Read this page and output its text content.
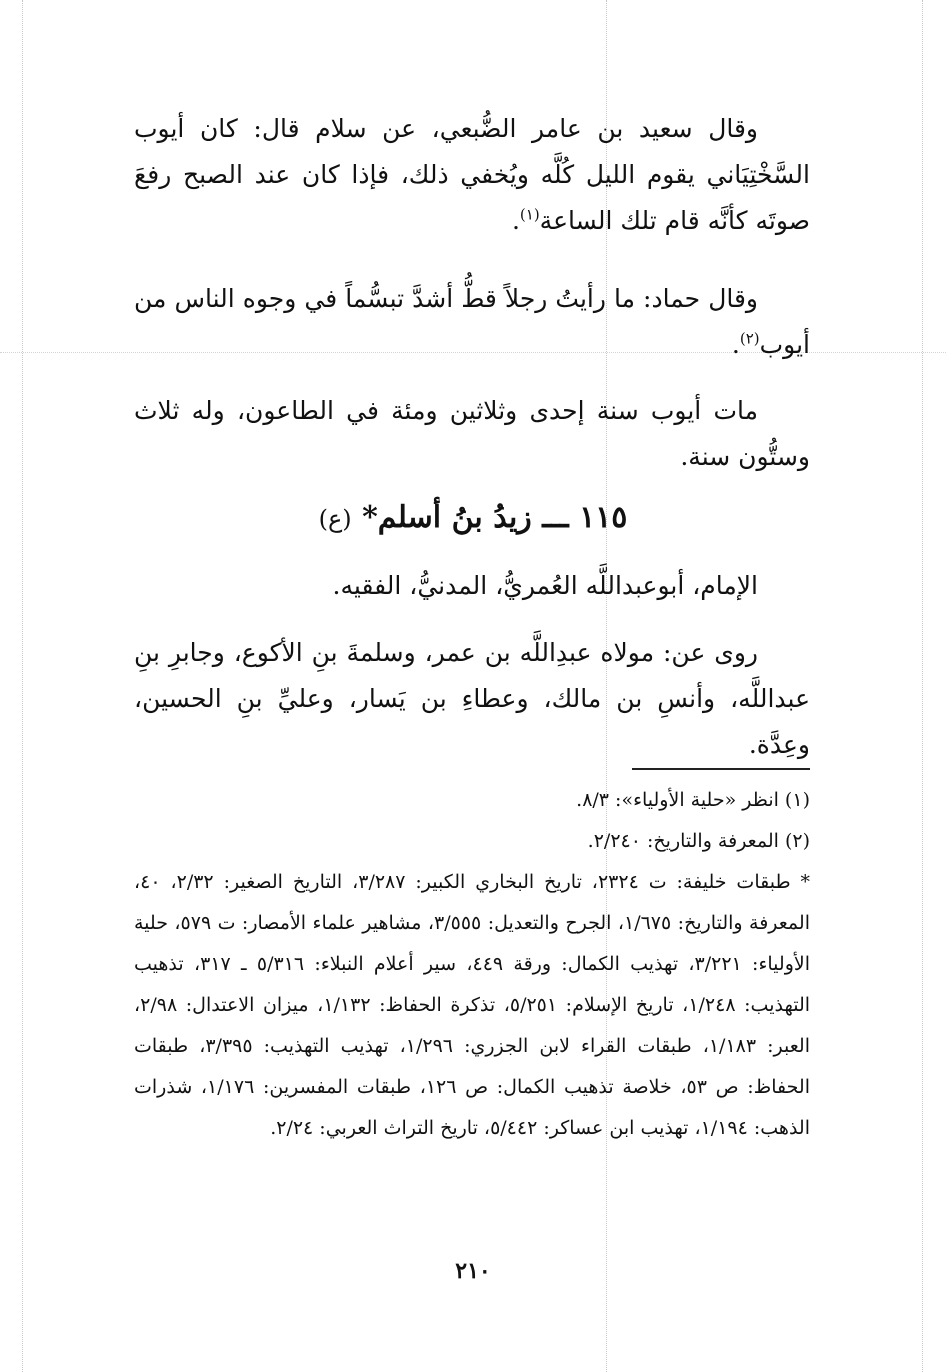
وقال سعيد بن عامر الضُّبعي، عن سلام قال: كان أيوب السَّخْتِيَاني يقوم الليل كُلَّه ويُخفي ذلك، فإذا كان عند الصبح رفعَ صوتَه كأنَّه قام تلك الساعة$^{(١)}$.

وقال حماد: ما رأيتُ رجلاً قطُّ أشدَّ تبسُّماً في وجوه الناس من أيوب$^{(٢)}$.

مات أيوب سنة إحدى وثلاثين ومئة في الطاعون، وله ثلاث وستُّون سنة.

١١٥ ـــ زيدُ بنُ أسلم* (ع)

الإمام، أبوعبداللَّه العُمريُّ، المدنيُّ، الفقيه.

روى عن: مولاه عبدِاللَّه بن عمر، وسلمةَ بنِ الأكوع، وجابرِ بنِ عبداللَّه، وأنسِ بن مالك، وعطاءِ بن يَسار، وعليِّ بنِ الحسين، وعِدَّة.

(١) انظر «حلية الأولياء»: ٨/٣.

(٢) المعرفة والتاريخ: ٢/٢٤٠.

* طبقات خليفة: ت ٢٣٢٤، تاريخ البخاري الكبير: ٣/٢٨٧، التاريخ الصغير: ٢/٣٢، ٤٠، المعرفة والتاريخ: ١/٦٧٥، الجرح والتعديل: ٣/٥٥٥، مشاهير علماء الأمصار: ت ٥٧٩، حلية الأولياء: ٣/٢٢١، تهذيب الكمال: ورقة ٤٤٩، سير أعلام النبلاء: ٥/٣١٦ ـ ٣١٧، تذهيب التهذيب: ١/٢٤٨، تاريخ الإسلام: ٥/٢٥١، تذكرة الحفاظ: ١/١٣٢، ميزان الاعتدال: ٢/٩٨، العبر: ١/١٨٣، طبقات القراء لابن الجزري: ١/٢٩٦، تهذيب التهذيب: ٣/٣٩٥، طبقات الحفاظ: ص ٥٣، خلاصة تذهيب الكمال: ص ١٢٦، طبقات المفسرين: ١/١٧٦، شذرات الذهب: ١/١٩٤، تهذيب ابن عساكر: ٥/٤٤٢، تاريخ التراث العربي: ٢/٢٤.

٢١٠
